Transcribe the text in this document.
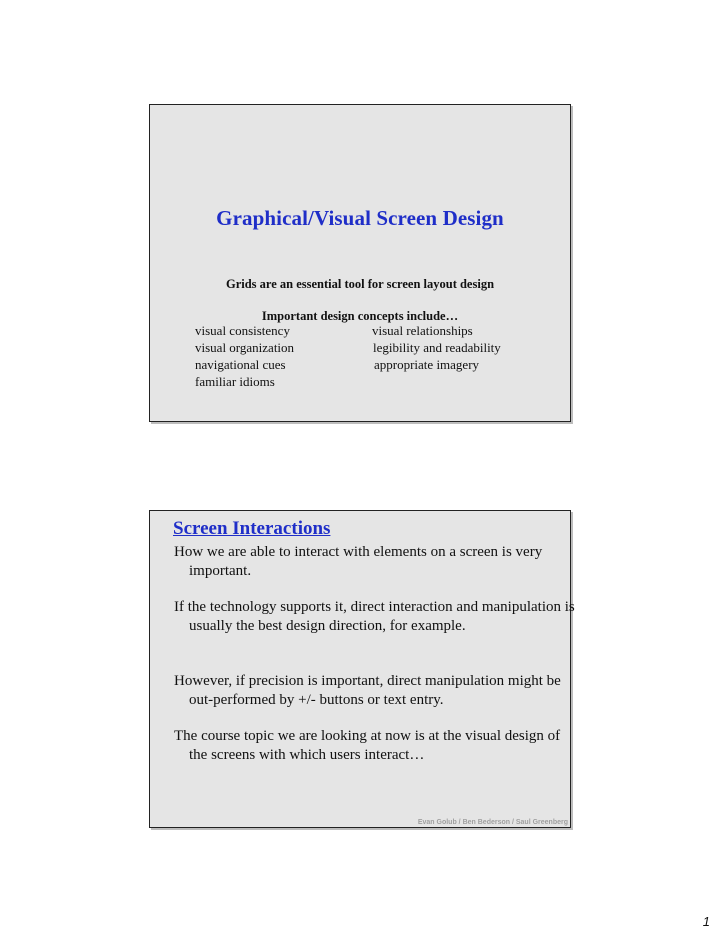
Graphical/Visual Screen Design
Grids are an essential tool for screen layout design
Important design concepts include…
visual consistency	visual relationships
visual organization	legibility and readability
navigational cues	appropriate imagery
familiar idioms
Screen Interactions
How we are able to interact with elements on a screen is very important.
If the technology supports it, direct interaction and manipulation is usually the best design direction, for example.
However, if precision is important, direct manipulation might be out-performed by +/- buttons or text entry.
The course topic we are looking at now is at the visual design of the screens with which users interact…
Evan Golub / Ben Bederson / Saul Greenberg
1
